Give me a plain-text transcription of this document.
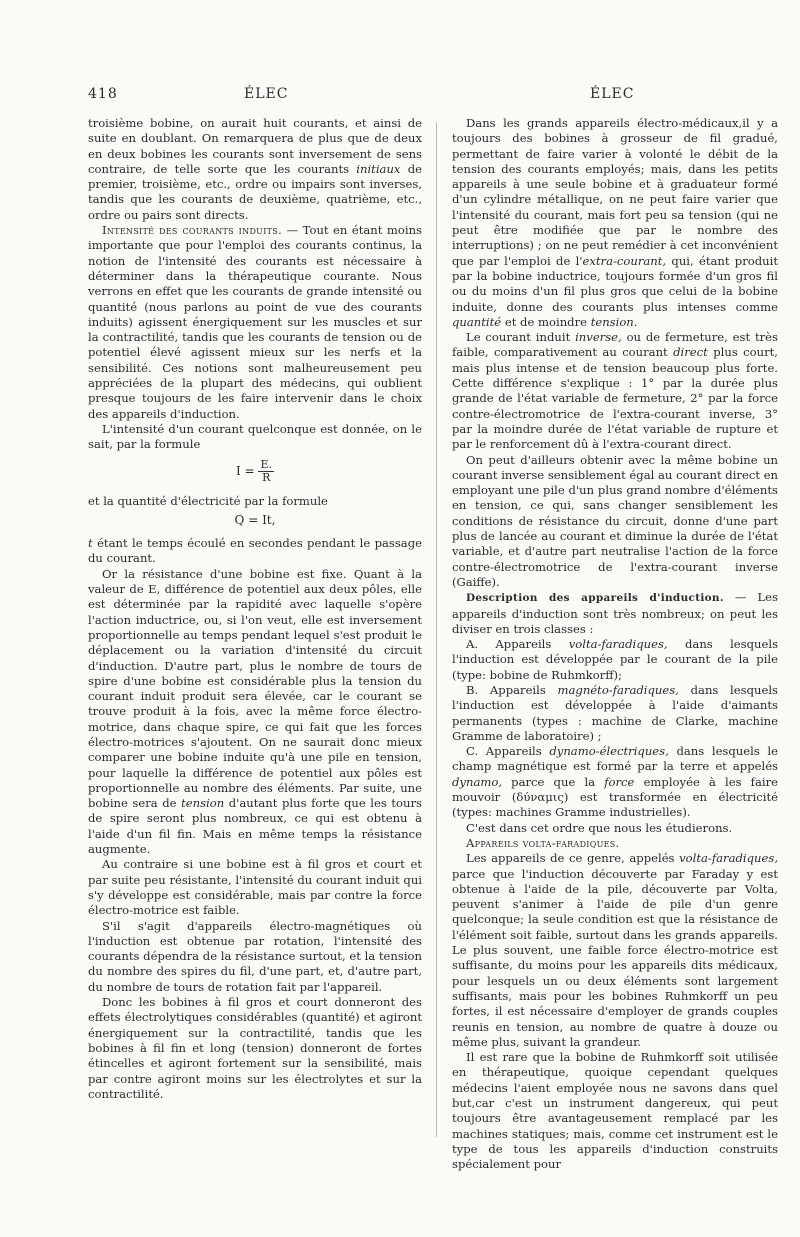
418	ÉLEC	ÉLEC

troisième bobine, on aurait huit courants, et ainsi de suite en doublant. On remarquera de plus que de deux en deux bobines les courants sont inversement de sens contraire, de telle sorte que les courants initiaux de premier, troisième, etc., ordre ou impairs sont inverses, tandis que les courants de deuxième, quatrième, etc., ordre ou pairs sont directs.

Intensité des courants induits. — Tout en étant moins importante que pour l'emploi des courants continus, la notion de l'intensité des courants est nécessaire à déterminer dans la thérapeutique courante. Nous verrons en effet que les courants de grande intensité ou quantité (nous parlons au point de vue des courants induits) agissent énergiquement sur les muscles et sur la contractilité, tandis que les courants de tension ou de potentiel élevé agissent mieux sur les nerfs et la sensibilité. Ces notions sont malheureusement peu appréciées de la plupart des médecins, qui oublient presque toujours de les faire intervenir dans le choix des appareils d'induction.

L'intensité d'un courant quelconque est donnée, on le sait, par la formule

$I = \frac{E.}{R}$

et la quantité d'électricité par la formule

Q = It,

t étant le temps écoulé en secondes pendant le passage du courant.

Or la résistance d'une bobine est fixe. Quant à la valeur de E, différence de potentiel aux deux pôles, elle est déterminée par la rapidité avec laquelle s'opère l'action inductrice, ou, si l'on veut, elle est inversement proportionnelle au temps pendant lequel s'est produit le déplacement ou la variation d'intensité du circuit d'induction. D'autre part, plus le nombre de tours de spire d'une bobine est considérable plus la tension du courant induit produit sera élevée, car le courant se trouve produit à la fois, avec la même force électro-motrice, dans chaque spire, ce qui fait que les forces électro-motrices s'ajoutent. On ne saurait donc mieux comparer une bobine induite qu'à une pile en tension, pour laquelle la différence de potentiel aux pôles est proportionnelle au nombre des éléments. Par suite, une bobine sera de tension d'autant plus forte que les tours de spire seront plus nombreux, ce qui est obtenu à l'aide d'un fil fin. Mais en même temps la résistance augmente.

Au contraire si une bobine est à fil gros et court et par suite peu résistante, l'intensité du courant induit qui s'y développe est considérable, mais par contre la force électro-motrice est faible.

S'il s'agit d'appareils électro-magnétiques où l'induction est obtenue par rotation, l'intensité des courants dépendra de la résistance surtout, et la tension du nombre des spires du fil, d'une part, et, d'autre part, du nombre de tours de rotation fait par l'appareil.

Donc les bobines à fil gros et court donneront des effets électrolytiques considérables (quantité) et agiront énergiquement sur la contractilité, tandis que les bobines à fil fin et long (tension) donneront de fortes étincelles et agiront fortement sur la sensibilité, mais par contre agiront moins sur les électrolytes et sur la contractilité.

Dans les grands appareils électro-médicaux,il y a toujours des bobines à grosseur de fil gradué, permettant de faire varier à volonté le débit de la tension des courants employés; mais, dans les petits appareils à une seule bobine et à graduateur formé d'un cylindre métallique, on ne peut faire varier que l'intensité du courant, mais fort peu sa tension (qui ne peut être modifiée que par le nombre des interruptions) ; on ne peut remédier à cet inconvénient que par l'emploi de l'extra-courant, qui, étant produit par la bobine inductrice, toujours formée d'un gros fil ou du moins d'un fil plus gros que celui de la bobine induite, donne des courants plus intenses comme quantité et de moindre tension.

Le courant induit inverse, ou de fermeture, est très faible, comparativement au courant direct plus court, mais plus intense et de tension beaucoup plus forte. Cette différence s'explique : 1° par la durée plus grande de l'état variable de fermeture, 2° par la force contre-électromotrice de l'extra-courant inverse, 3° par la moindre durée de l'état variable de rupture et par le renforcement dû à l'extra-courant direct.

On peut d'ailleurs obtenir avec la même bobine un courant inverse sensiblement égal au courant direct en employant une pile d'un plus grand nombre d'éléments en tension, ce qui, sans changer sensiblement les conditions de résistance du circuit, donne d'une part plus de lancée au courant et diminue la durée de l'état variable, et d'autre part neutralise l'action de la force contre-électromotrice de l'extra-courant inverse (Gaiffe).

Description des appareils d'induction. — Les appareils d'induction sont très nombreux; on peut les diviser en trois classes :

A. Appareils volta-faradiques, dans lesquels l'induction est développée par le courant de la pile (type: bobine de Ruhmkorff);

B. Appareils magnéto-faradiques, dans lesquels l'induction est développée à l'aide d'aimants permanents (types : machine de Clarke, machine Gramme de laboratoire) ;

C. Appareils dynamo-électriques, dans lesquels le champ magnétique est formé par la terre et appelés dynamo, parce que la force employée à les faire mouvoir (δύναμις) est transformée en électricité (types: machines Gramme industrielles).

C'est dans cet ordre que nous les étudierons.

Appareils volta-faradiques.

Les appareils de ce genre, appelés volta-faradiques, parce que l'induction découverte par Faraday y est obtenue à l'aide de la pile, découverte par Volta, peuvent s'animer à l'aide de pile d'un genre quelconque; la seule condition est que la résistance de l'élément soit faible, surtout dans les grands appareils. Le plus souvent, une faible force électro-motrice est suffisante, du moins pour les appareils dits médicaux, pour lesquels un ou deux éléments sont largement suffisants, mais pour les bobines Ruhmkorff un peu fortes, il est nécessaire d'employer de grands couples reunis en tension, au nombre de quatre à douze ou même plus, suivant la grandeur.

Il est rare que la bobine de Ruhmkorff soit utilisée en thérapeutique, quoique cependant quelques médecins l'aient employée nous ne savons dans quel but,car c'est un instrument dangereux, qui peut toujours être avantageusement remplacé par les machines statiques; mais, comme cet instrument est le type de tous les appareils d'induction construits spécialement pour
